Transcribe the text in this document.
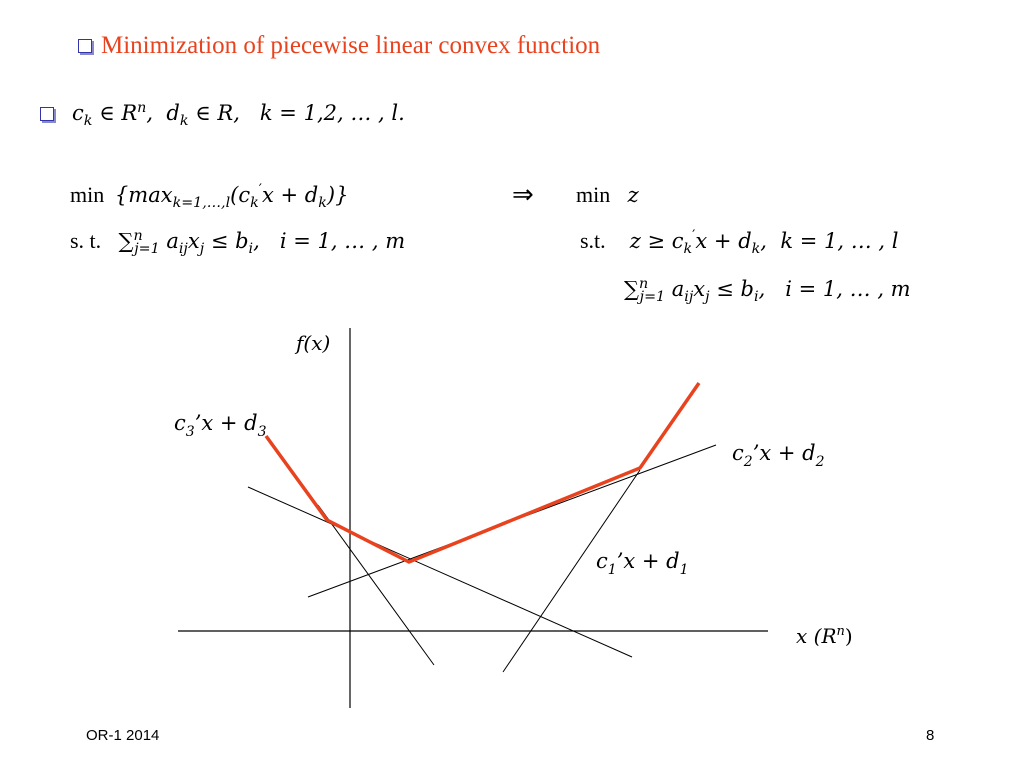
Minimization of piecewise linear convex function
$c_k$ ∈ $R^n$,  $d_k$ ∈ R,   k = 1,2, … , l.
$\min \{\max_{k=1,\dots,l}(c_k'x + d_k)\}$
s. t. ∑$^n_{j=1}$ $a_{ij}x_j \le b_i$,   i = 1, … , m
⇒ min z
s.t.    $z \ge c_k'x + d_k$,  k = 1, … , l
∑$^n_{j=1}$ $a_{ij}x_j \le b_i$,   i = 1, … , m
f(x)
x $(R^n)$
$c_3’x + d_3$
$c_2’x + d_2$
$c_1’x + d_1$
OR-1 2014	8
